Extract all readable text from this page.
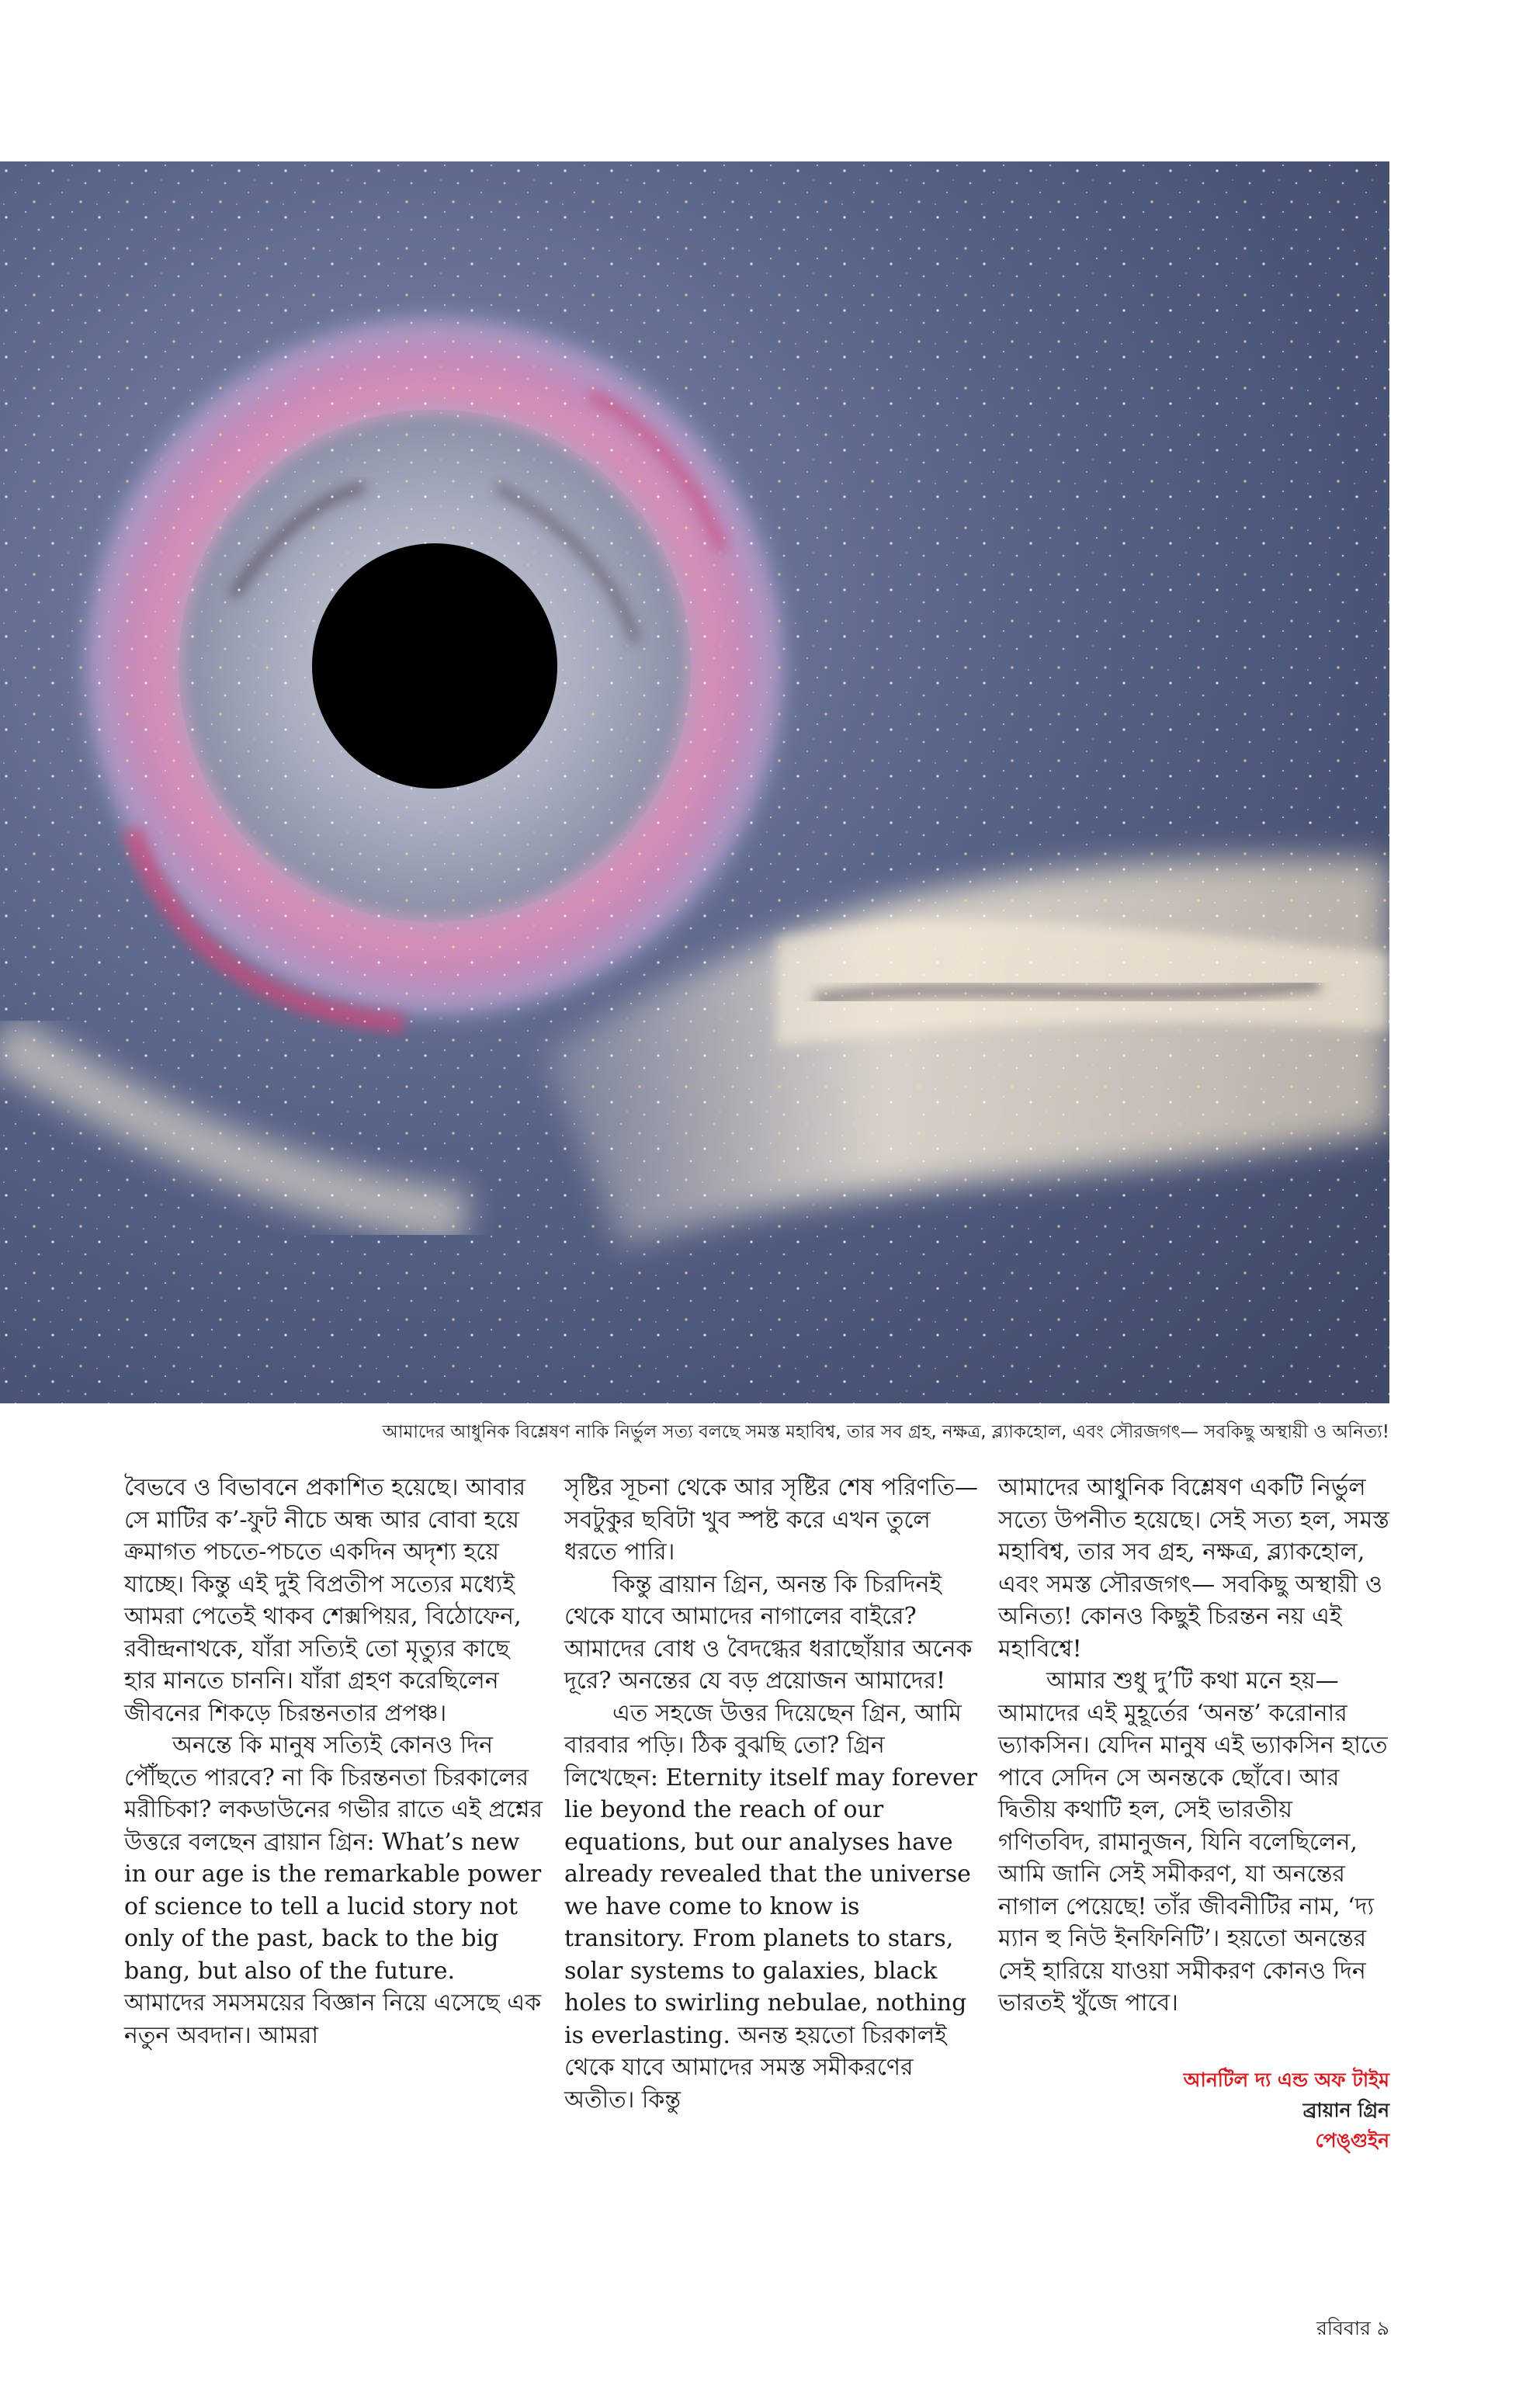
আমাদের আধুনিক বিশ্লেষণ নাকি নির্ভুল সত্য বলছে সমস্ত মহাবিশ্ব, তার সব গ্রহ, নক্ষত্র, ব্ল্যাকহোল, এবং সৌরজগৎ— সবকিছু অস্থায়ী ও অনিত্য!

বৈভবে ও বিভাবনে প্রকাশিত হয়েছে। আবার সে মাটির ক’-ফুট নীচে অন্ধ আর বোবা হয়ে ক্রমাগত পচতে-পচতে একদিন অদৃশ্য হয়ে যাচ্ছে। কিন্তু এই দুই বিপ্রতীপ সত্যের মধ্যেই আমরা পেতেই থাকব শেক্সপিয়র, বিঠোফেন, রবীন্দ্রনাথকে, যাঁরা সত্যিই তো মৃত্যুর কাছে হার মানতে চাননি। যাঁরা গ্রহণ করেছিলেন জীবনের শিকড়ে চিরন্তনতার প্রপঞ্চ।

অনন্তে কি মানুষ সত্যিই কোনও দিন পৌঁছতে পারবে? না কি চিরন্তনতা চিরকালের মরীচিকা? লকডাউনের গভীর রাতে এই প্রশ্নের উত্তরে বলছেন ব্রায়ান গ্রিন: What’s new in our age is the remarkable power of science to tell a lucid story not only of the past, back to the big bang, but also of the future. আমাদের সমসময়ের বিজ্ঞান নিয়ে এসেছে এক নতুন অবদান। আমরা

সৃষ্টির সূচনা থেকে আর সৃষ্টির শেষ পরিণতি— সবটুকুর ছবিটা খুব স্পষ্ট করে এখন তুলে ধরতে পারি।

কিন্তু ব্রায়ান গ্রিন, অনন্ত কি চিরদিনই থেকে যাবে আমাদের নাগালের বাইরে? আমাদের বোধ ও বৈদগ্ধের ধরাছোঁয়ার অনেক দূরে? অনন্তের যে বড় প্রয়োজন আমাদের!

এত সহজে উত্তর দিয়েছেন গ্রিন, আমি বারবার পড়ি। ঠিক বুঝছি তো? গ্রিন লিখেছেন: Eternity itself may forever lie beyond the reach of our equations, but our analyses have already revealed that the universe we have come to know is transitory. From planets to stars, solar systems to galaxies, black holes to swirling nebulae, nothing is everlasting. অনন্ত হয়তো চিরকালই থেকে যাবে আমাদের সমস্ত সমীকরণের অতীত। কিন্তু

আমাদের আধুনিক বিশ্লেষণ একটি নির্ভুল সত্যে উপনীত হয়েছে। সেই সত্য হল, সমস্ত মহাবিশ্ব, তার সব গ্রহ, নক্ষত্র, ব্ল্যাকহোল, এবং সমস্ত সৌরজগৎ— সবকিছু অস্থায়ী ও অনিত্য! কোনও কিছুই চিরন্তন নয় এই মহাবিশ্বে!

আমার শুধু দু’টি কথা মনে হয়— আমাদের এই মুহূর্তের ‘অনন্ত’ করোনার ভ্যাকসিন। যেদিন মানুষ এই ভ্যাকসিন হাতে পাবে সেদিন সে অনন্তকে ছোঁবে। আর দ্বিতীয় কথাটি হল, সেই ভারতীয় গণিতবিদ, রামানুজন, যিনি বলেছিলেন, আমি জানি সেই সমীকরণ, যা অনন্তের নাগাল পেয়েছে! তাঁর জীবনীটির নাম, ‘দ্য ম্যান হু নিউ ইনফিনিটি’। হয়তো অনন্তের সেই হারিয়ে যাওয়া সমীকরণ কোনও দিন ভারতই খুঁজে পাবে।

আনটিল দ্য এন্ড অফ টাইম
ব্রায়ান গ্রিন
পেঙ্গুইন
রবিবার ৯
